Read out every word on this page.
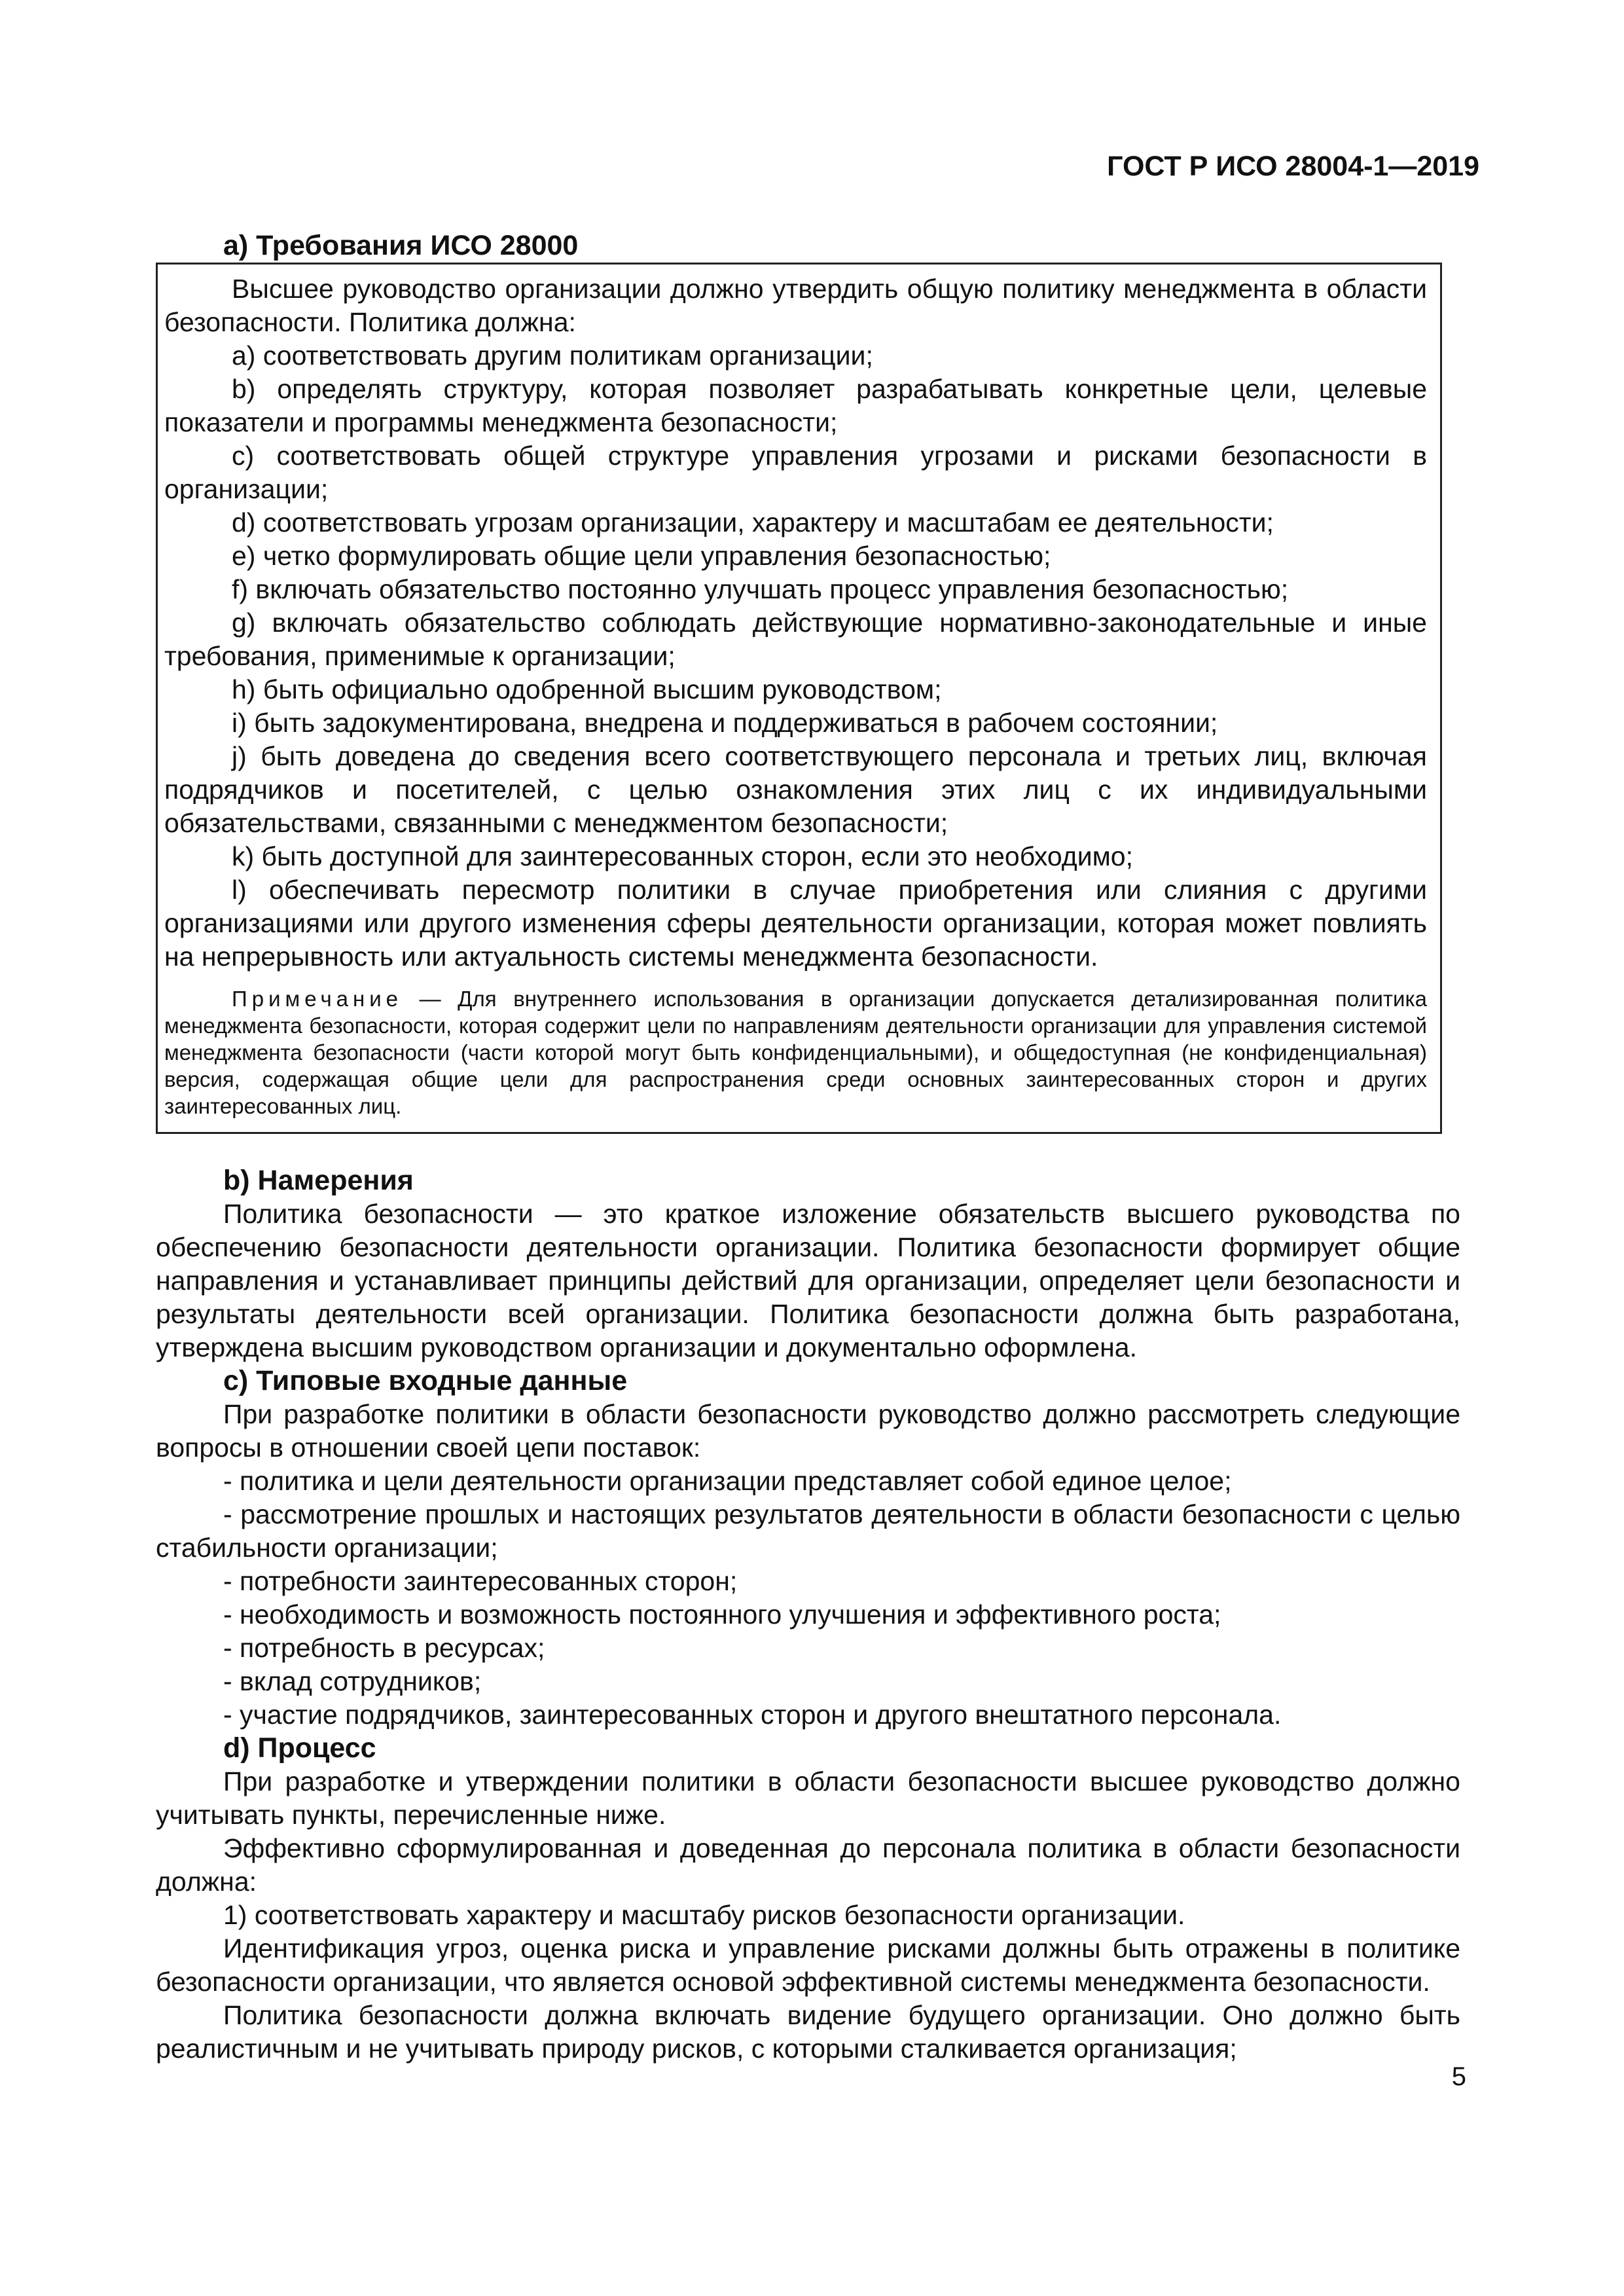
ГОСТ Р ИСО 28004-1—2019
a) Требования ИСО 28000

Высшее руководство организации должно утвердить общую политику менеджмента в области безопасности. Политика должна:

a) соответствовать другим политикам организации;

b) определять структуру, которая позволяет разрабатывать конкретные цели, целевые показатели и программы менеджмента безопасности;

c) соответствовать общей структуре управления угрозами и рисками безопасности в организации;

d) соответствовать угрозам организации, характеру и масштабам ее деятельности;

e) четко формулировать общие цели управления безопасностью;

f) включать обязательство постоянно улучшать процесс управления безопасностью;

g) включать обязательство соблюдать действующие нормативно-законодательные и иные требования, применимые к организации;

h) быть официально одобренной высшим руководством;

i) быть задокументирована, внедрена и поддерживаться в рабочем состоянии;

j) быть доведена до сведения всего соответствующего персонала и третьих лиц, включая подрядчиков и посетителей, с целью ознакомления этих лиц с их индивидуальными обязательствами, связанными с менеджментом безопасности;

k) быть доступной для заинтересованных сторон, если это необходимо;

l) обеспечивать пересмотр политики в случае приобретения или слияния с другими организациями или другого изменения сферы деятельности организации, которая может повлиять на непрерывность или актуальность системы менеджмента безопасности.

Примечание — Для внутреннего использования в организации допускается детализированная политика менеджмента безопасности, которая содержит цели по направлениям деятельности организации для управления системой менеджмента безопасности (части которой могут быть конфиденциальными), и общедоступная (не конфиденциальная) версия, содержащая общие цели для распространения среди основных заинтересованных сторон и других заинтересованных лиц.

b) Намерения

Политика безопасности — это краткое изложение обязательств высшего руководства по обеспечению безопасности деятельности организации. Политика безопасности формирует общие направления и устанавливает принципы действий для организации, определяет цели безопасности и результаты деятельности всей организации. Политика безопасности должна быть разработана, утверждена высшим руководством организации и документально оформлена.

c) Типовые входные данные

При разработке политики в области безопасности руководство должно рассмотреть следующие вопросы в отношении своей цепи поставок:

- политика и цели деятельности организации представляет собой единое целое;

- рассмотрение прошлых и настоящих результатов деятельности в области безопасности с целью стабильности организации;

- потребности заинтересованных сторон;

- необходимость и возможность постоянного улучшения и эффективного роста;

- потребность в ресурсах;

- вклад сотрудников;

- участие подрядчиков, заинтересованных сторон и другого внештатного персонала.

d) Процесс

При разработке и утверждении политики в области безопасности высшее руководство должно учитывать пункты, перечисленные ниже.

Эффективно сформулированная и доведенная до персонала политика в области безопасности должна:

1) соответствовать характеру и масштабу рисков безопасности организации.

Идентификация угроз, оценка риска и управление рисками должны быть отражены в политике безопасности организации, что является основой эффективной системы менеджмента безопасности.

Политика безопасности должна включать видение будущего организации. Оно должно быть реалистичным и не учитывать природу рисков, с которыми сталкивается организация;

5
